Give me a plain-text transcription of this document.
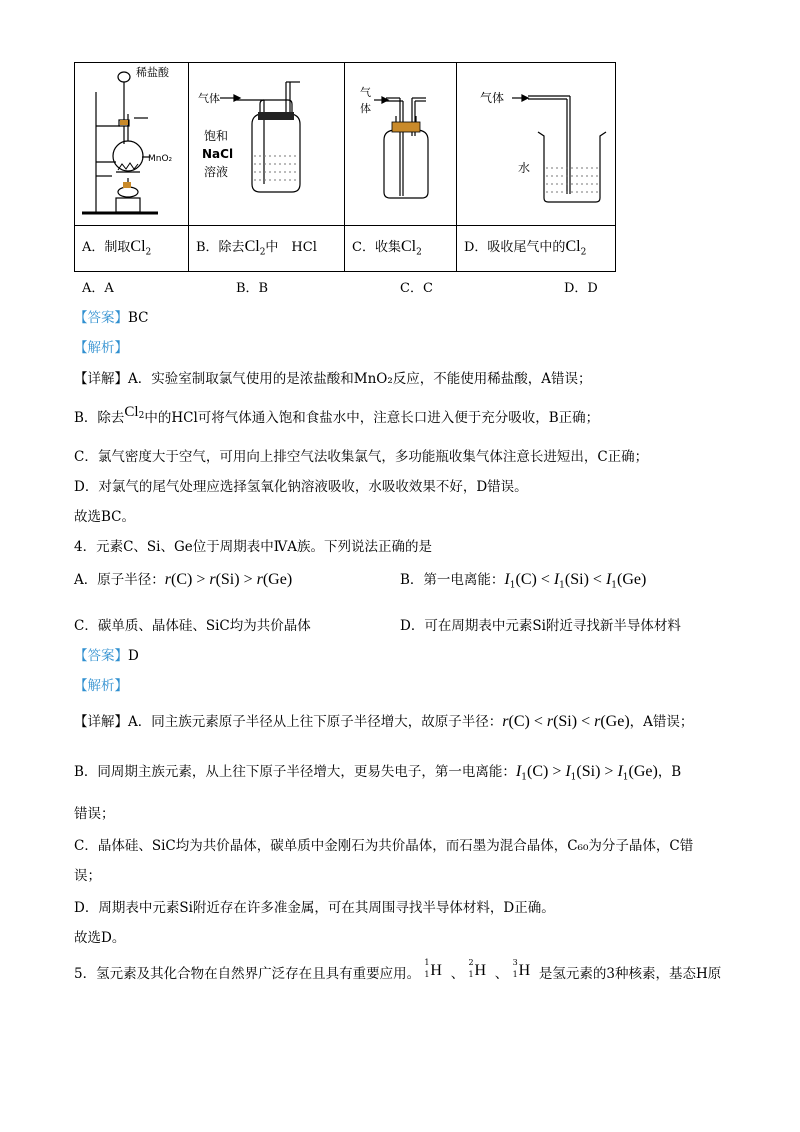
稀盐酸
MnO₂
气体
饱和
NaCl
溶液
气
体
气体
水
A．制取$Cl_2$	B．除去$Cl_2$中　HCl	C．收集$Cl_2$	D．吸收尾气中的$Cl_2$
A．A	B．B	C．C	D．D
【答案】BC
【解析】
【详解】A．实验室制取氯气使用的是浓盐酸和MnO₂反应，不能使用稀盐酸，A错误；
B．除去$Cl_2$中的HCl可将气体通入饱和食盐水中，注意长口进入便于充分吸收，B正确；
C．氯气密度大于空气，可用向上排空气法收集氯气，多功能瓶收集气体注意长进短出，C正确；
D．对氯气的尾气处理应选择氢氧化钠溶液吸收，水吸收效果不好，D错误。
故选BC。
4．元素C、Si、Ge位于周期表中ⅣA族。下列说法正确的是
A．原子半径：r(C) > r(Si) > r(Ge)	B．第一电离能：$I_1(C) < I_1(Si) < I_1(Ge)$
C．碳单质、晶体硅、SiC均为共价晶体	D．可在周期表中元素Si附近寻找新半导体材料
【答案】D
【解析】
【详解】A．同主族元素原子半径从上往下原子半径增大，故原子半径：r(C) < r(Si) < r(Ge)，A错误；
B．同周期主族元素，从上往下原子半径增大，更易失电子，第一电离能：$I_1(C) > I_1(Si) > I_1(Ge)$，B
错误；
C．晶体硅、SiC均为共价晶体，碳单质中金刚石为共价晶体，而石墨为混合晶体，C₆₀为分子晶体，C错
误；
D．周期表中元素Si附近存在许多准金属，可在其周围寻找半导体材料，D正确。
故选D。
5．氢元素及其化合物在自然界广泛存在且具有重要应用。
1
1 H 、
2
1 H 、
3
1 H 是氢元素的3种核素，基态H原
